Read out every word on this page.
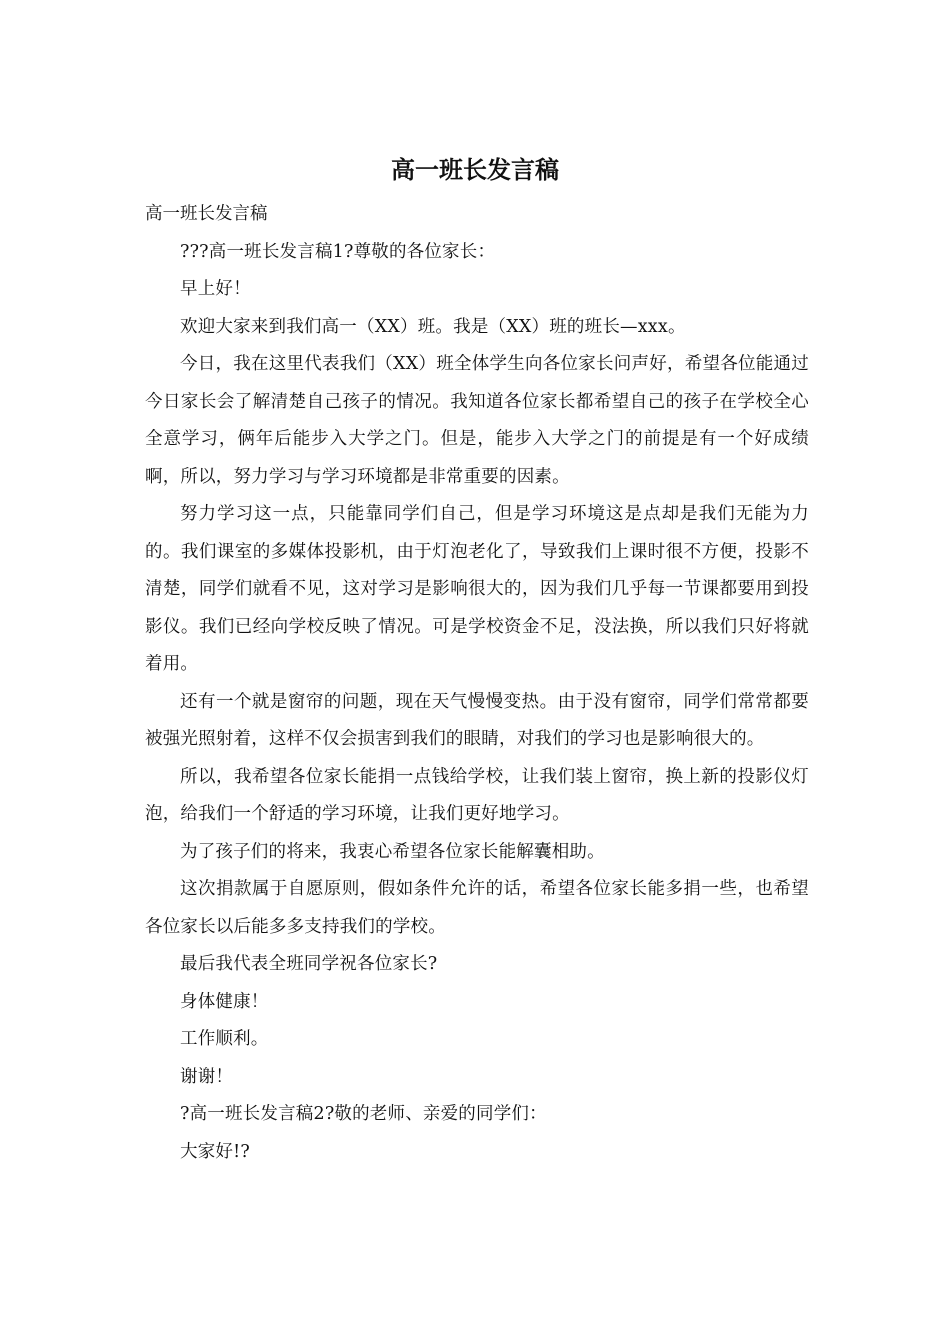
高一班长发言稿

高一班长发言稿

???高一班长发言稿1?尊敬的各位家长：

早上好！

欢迎大家来到我们高一（XX）班。我是（XX）班的班长—xxx。

今日，我在这里代表我们（XX）班全体学生向各位家长问声好，希望各位能通过今日家长会了解清楚自己孩子的情况。我知道各位家长都希望自己的孩子在学校全心全意学习，俩年后能步入大学之门。但是，能步入大学之门的前提是有一个好成绩啊，所以，努力学习与学习环境都是非常重要的因素。

努力学习这一点，只能靠同学们自己，但是学习环境这是点却是我们无能为力的。我们课室的多媒体投影机，由于灯泡老化了，导致我们上课时很不方便，投影不清楚，同学们就看不见，这对学习是影响很大的，因为我们几乎每一节课都要用到投影仪。我们已经向学校反映了情况。可是学校资金不足，没法换，所以我们只好将就着用。

还有一个就是窗帘的问题，现在天气慢慢变热。由于没有窗帘，同学们常常都要被强光照射着，这样不仅会损害到我们的眼睛，对我们的学习也是影响很大的。

所以，我希望各位家长能捐一点钱给学校，让我们装上窗帘，换上新的投影仪灯泡，给我们一个舒适的学习环境，让我们更好地学习。

为了孩子们的将来，我衷心希望各位家长能解囊相助。

这次捐款属于自愿原则，假如条件允许的话，希望各位家长能多捐一些，也希望各位家长以后能多多支持我们的学校。

最后我代表全班同学祝各位家长?

身体健康！

工作顺利。

谢谢！

?高一班长发言稿2?敬的老师、亲爱的同学们：

大家好!?
